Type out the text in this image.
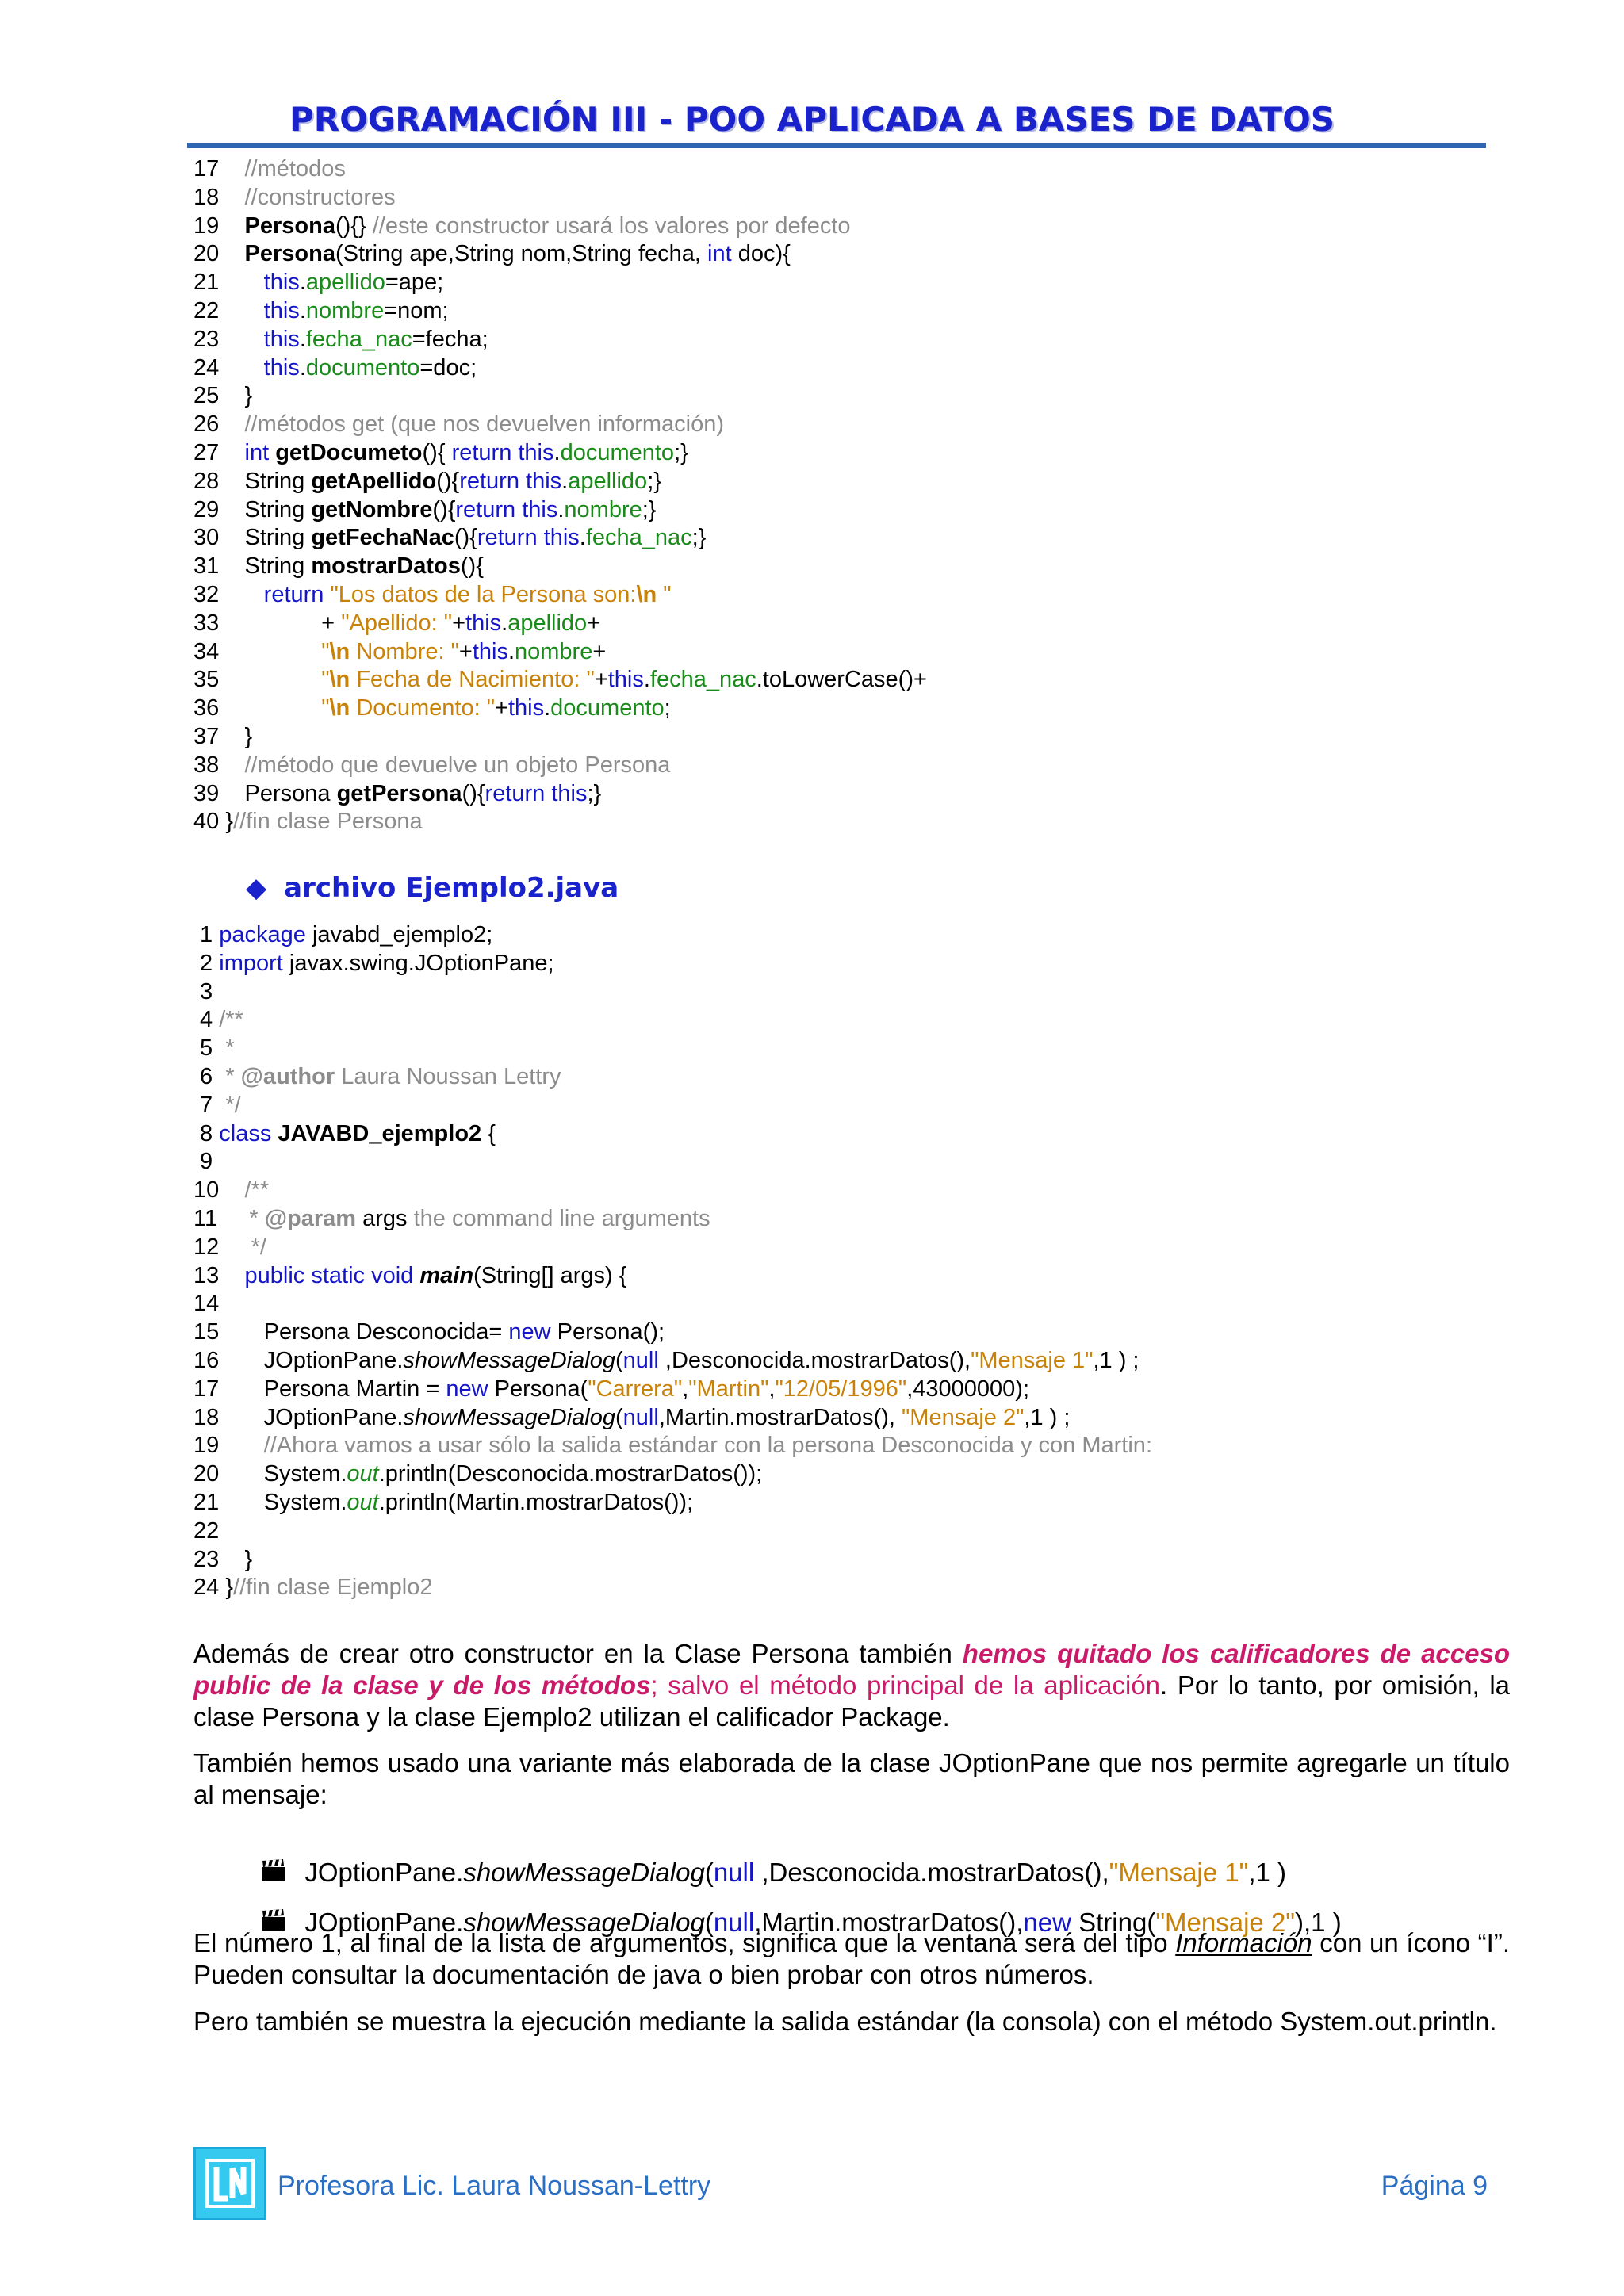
PROGRAMACIÓN III - POO APLICADA A BASES DE DATOS
17 //métodos
18 //constructores
19 Persona(){} //este constructor usará los valores por defecto
20 Persona(String ape,String nom,String fecha, int doc){
21 this.apellido=ape;
22 this.nombre=nom;
23 this.fecha_nac=fecha;
24 this.documento=doc;
25    }
26 //métodos get (que nos devuelven información)
27 int getDocumeto(){ return this.documento;}
28    String getApellido(){return this.apellido;}
29    String getNombre(){return this.nombre;}
30    String getFechaNac(){return this.fecha_nac;}
31    String mostrarDatos(){
32 return "Los datos de la Persona son:\n "
33                + "Apellido: "+this.apellido+
34	"\n Nombre: "+this.nombre+
35	"\n Fecha de Nacimiento: "+this.fecha_nac.toLowerCase()+
36	"\n Documento: "+this.documento;
37    }
38 //método que devuelve un objeto Persona
39    Persona getPersona(){return this;}
40 }//fin clase Persona
◆ archivo Ejemplo2.java
1 package javabd_ejemplo2;
2 import javax.swing.JOptionPane;
3
4 /**
5 *
6 * @author Laura Noussan Lettry
7 */
8 class JAVABD_ejemplo2 {
9
10 /**
11 * @param args the command line arguments
12 */
13 public static void main(String[] args) {
14
15       Persona Desconocida= new Persona();
16       JOptionPane.showMessageDialog(null ,Desconocida.mostrarDatos(),"Mensaje 1",1 ) ;
17       Persona Martin = new Persona("Carrera","Martin","12/05/1996",43000000);
18       JOptionPane.showMessageDialog(null,Martin.mostrarDatos(), "Mensaje 2",1 ) ;
19 //Ahora vamos a usar sólo la salida estándar con la persona Desconocida y con Martin:
20       System.out.println(Desconocida.mostrarDatos());
21       System.out.println(Martin.mostrarDatos());
22
23    }
24 }//fin clase Ejemplo2
Además de crear otro constructor en la Clase Persona también hemos quitado los calificadores de acceso public de la clase y de los métodos; salvo el método principal de la aplicación. Por lo tanto, por omisión, la clase Persona y la clase Ejemplo2 utilizan el calificador Package.
También hemos usado una variante más elaborada de la clase JOptionPane que nos permite agregarle un título al mensaje:

JOptionPane.showMessageDialog(null ,Desconocida.mostrarDatos(),"Mensaje 1",1 )

JOptionPane.showMessageDialog(null,Martin.mostrarDatos(),new String("Mensaje 2"),1 )

El número 1, al final de la lista de argumentos, significa que la ventana será del tipo Información con un ícono “I”. Pueden consultar la documentación de java o bien probar con otros números.
Pero también se muestra la ejecución mediante la salida estándar (la consola) con el método System.out.println.
Profesora Lic. Laura Noussan-Lettry	Página 9
